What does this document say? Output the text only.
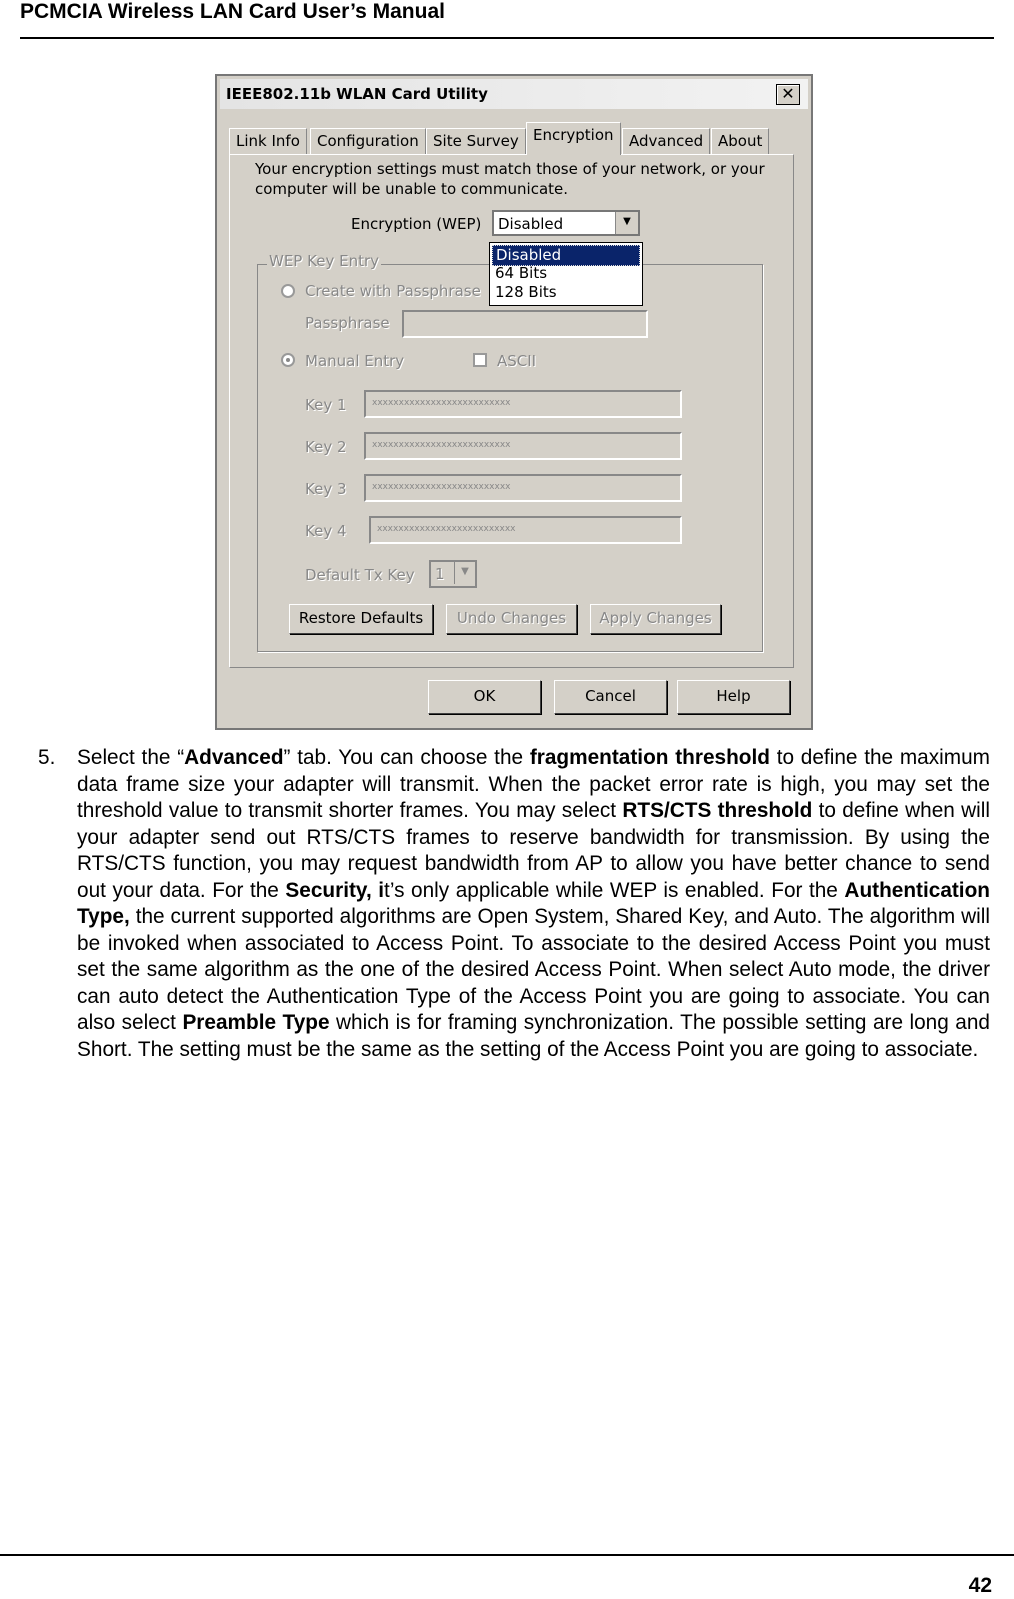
PCMCIA Wireless LAN Card User’s Manual
IEEE802.11b WLAN Card Utility	✕
Link Info	Configuration Site Survey Encryption	Advanced About
Your encryption settings must match those of your network, or your
computer will be unable to communicate.
Encryption (WEP) Disabled	▼
Disabled
64 Bits
128 Bits
WEP Key Entry
Create with Passphrase
Passphrase
Manual Entry	ASCII
Key 1	xxxxxxxxxxxxxxxxxxxxxxxxxx
Key 2	xxxxxxxxxxxxxxxxxxxxxxxxxx
Key 3	xxxxxxxxxxxxxxxxxxxxxxxxxx
Key 4	xxxxxxxxxxxxxxxxxxxxxxxxxx
Default Tx Key 1	▼
Restore Defaults	Undo Changes	Apply Changes
OK	Cancel	Help
5. Select the “Advanced” tab. You can choose the fragmentation threshold to define the maximum data frame size your adapter will transmit. When the packet error rate is high, you may set the threshold value to transmit shorter frames. You may select RTS/CTS threshold to define when will your adapter send out RTS/CTS frames to reserve bandwidth for transmission. By using the RTS/CTS function, you may request bandwidth from AP to allow you have better chance to send out your data. For the Security, it’s only applicable while WEP is enabled. For the Authentication Type, the current supported algorithms are Open System, Shared Key, and Auto. The algorithm will be invoked when associated to Access Point. To associate to the desired Access Point you must set the same algorithm as the one of the desired Access Point. When select Auto mode, the driver can auto detect the Authentication Type of the Access Point you are going to associate. You can also select Preamble Type which is for framing synchronization. The possible setting are long and Short. The setting must be the same as the setting of the Access Point you are going to associate.
42
